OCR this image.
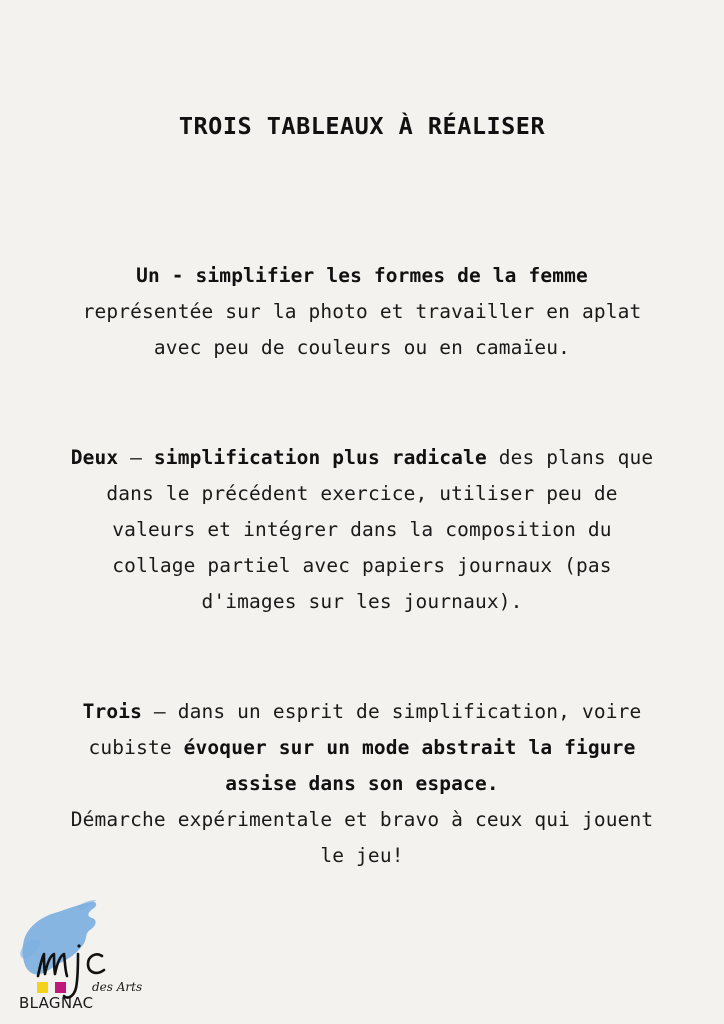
TROIS TABLEAUX À RÉALISER
Un - simplifier les formes de la femme
représentée sur la photo et travailler en aplat
avec peu de couleurs ou en camaïeu.
Deux – simplification plus radicale des plans que
dans le précédent exercice, utiliser peu de
valeurs et intégrer dans la composition du
collage partiel avec papiers journaux (pas
d'images sur les journaux).
Trois – dans un esprit de simplification, voire
cubiste évoquer sur un mode abstrait la figure
assise dans son espace.
Démarche expérimentale et bravo à ceux qui jouent
le jeu!
des Arts
BLAGNAC
